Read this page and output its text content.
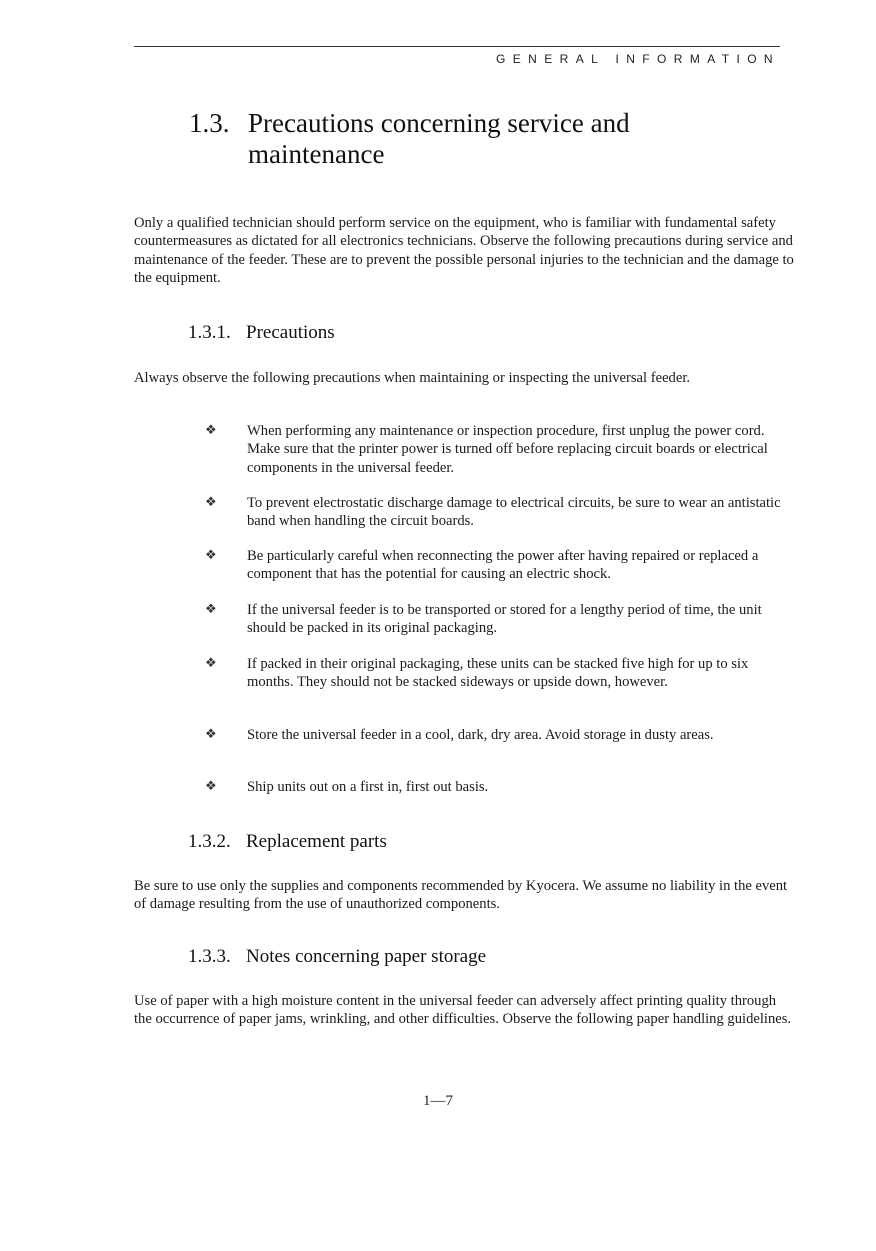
GENERAL INFORMATION
1.3. Precautions concerning service and maintenance
Only a qualified technician should perform service on the equipment, who is familiar with fundamental safety countermeasures as dictated for all electronics technicians. Observe the following precautions during service and maintenance of the feeder. These are to prevent the possible personal injuries to the technician and the damage to the equipment.
1.3.1. Precautions
Always observe the following precautions when maintaining or inspecting the universal feeder.
❖ When performing any maintenance or inspection procedure, first unplug the power cord. Make sure that the printer power is turned off before replacing circuit boards or electrical components in the universal feeder.
❖ To prevent electrostatic discharge damage to electrical circuits, be sure to wear an antistatic band when handling the circuit boards.
❖ Be particularly careful when reconnecting the power after having repaired or replaced a component that has the potential for causing an electric shock.
❖ If the universal feeder is to be transported or stored for a lengthy period of time, the unit should be packed in its original packaging.
❖ If packed in their original packaging, these units can be stacked five high for up to six months. They should not be stacked sideways or upside down, however.
❖ Store the universal feeder in a cool, dark, dry area. Avoid storage in dusty areas.
❖ Ship units out on a first in, first out basis.
1.3.2. Replacement parts
Be sure to use only the supplies and components recommended by Kyocera. We assume no liability in the event of damage resulting from the use of unauthorized components.
1.3.3. Notes concerning paper storage
Use of paper with a high moisture content in the universal feeder can adversely affect printing quality through the occurrence of paper jams, wrinkling, and other difficulties. Observe the following paper handling guidelines.
1—7
